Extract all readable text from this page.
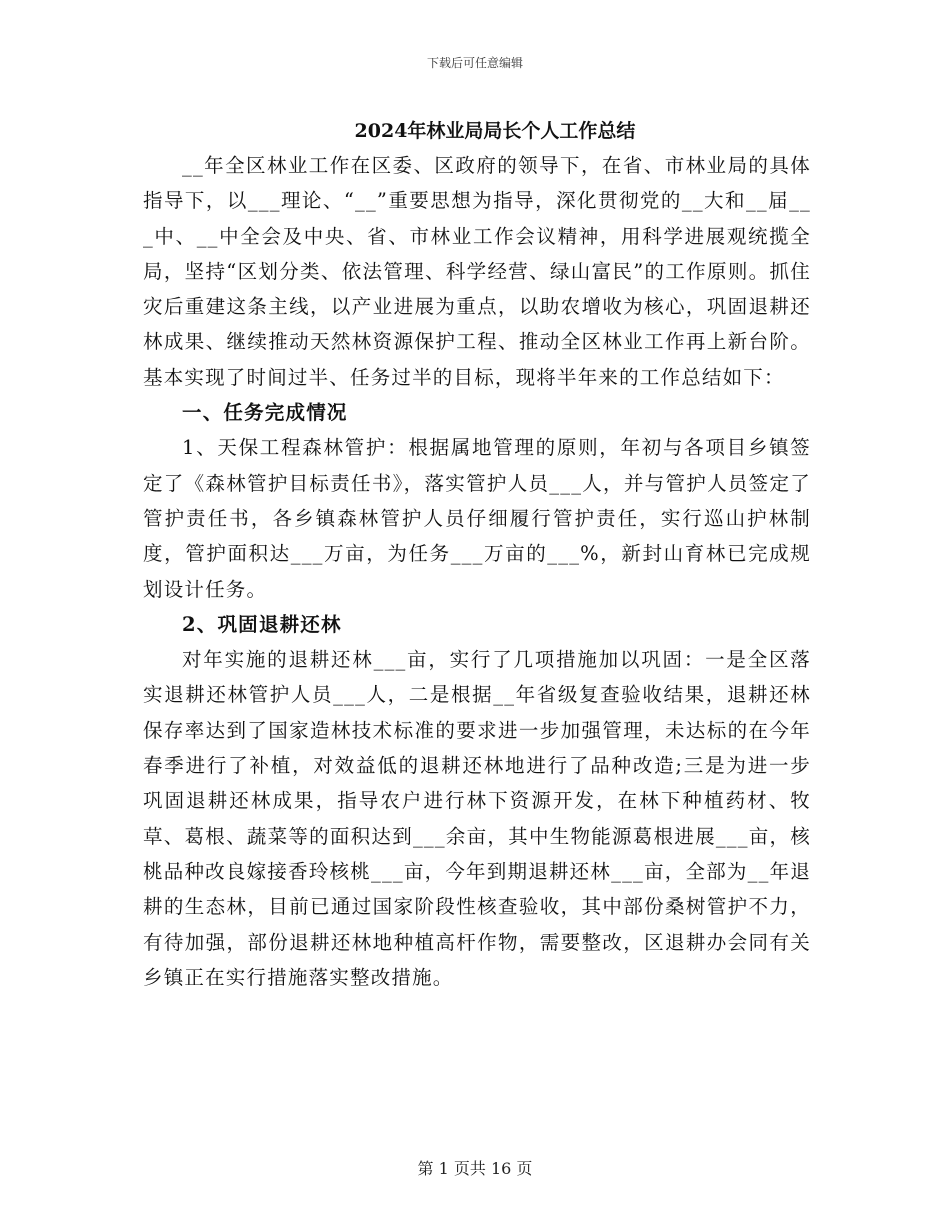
下载后可任意编辑
2024年林业局局长个人工作总结

__年全区林业工作在区委、区政府的领导下，在省、市林业局的具体指导下，以___理论、“__”重要思想为指导，深化贯彻党的__大和__届___中、__中全会及中央、省、市林业工作会议精神，用科学进展观统揽全局，坚持“区划分类、依法管理、科学经营、绿山富民”的工作原则。抓住灾后重建这条主线，以产业进展为重点，以助农增收为核心，巩固退耕还林成果、继续推动天然林资源保护工程、推动全区林业工作再上新台阶。基本实现了时间过半、任务过半的目标，现将半年来的工作总结如下：

一、任务完成情况

1、天保工程森林管护：根据属地管理的原则，年初与各项目乡镇签定了《森林管护目标责任书》，落实管护人员___人，并与管护人员签定了管护责任书，各乡镇森林管护人员仔细履行管护责任，实行巡山护林制度，管护面积达___万亩，为任务___万亩的___%，新封山育林已完成规划设计任务。

2、巩固退耕还林

对年实施的退耕还林___亩，实行了几项措施加以巩固：一是全区落实退耕还林管护人员___人，二是根据__年省级复查验收结果，退耕还林保存率达到了国家造林技术标准的要求进一步加强管理，未达标的在今年春季进行了补植，对效益低的退耕还林地进行了品种改造;三是为进一步巩固退耕还林成果，指导农户进行林下资源开发，在林下种植药材、牧草、葛根、蔬菜等的面积达到___余亩，其中生物能源葛根进展___亩，核桃品种改良嫁接香玲核桃___亩，今年到期退耕还林___亩，全部为__年退耕的生态林，目前已通过国家阶段性核查验收，其中部份桑树管护不力，有待加强，部份退耕还林地种植高杆作物，需要整改，区退耕办会同有关乡镇正在实行措施落实整改措施。

第 1 页共 16 页
